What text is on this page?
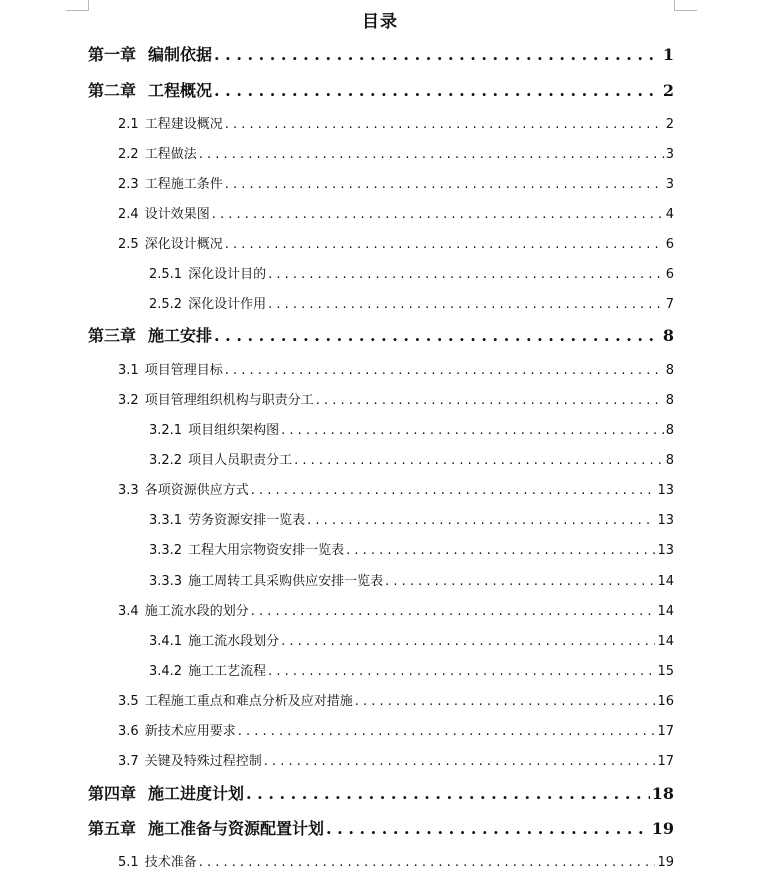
目录
第一章 编制依据 . . .	1
第二章 工程概况 . . .	2
2.1 工程建设概况 . . .	2
2.2 工程做法 . . .	3
2.3 工程施工条件 . . .	3
2.4 设计效果图 . . .	4
2.5 深化设计概况 . . .	6
2.5.1 深化设计目的 . . .	6
2.5.2 深化设计作用 . . .	7
第三章 施工安排 . . .	8
3.1 项目管理目标 . . .	8
3.2 项目管理组织机构与职责分工 . . .	8
3.2.1 项目组织架构图 . . .	8
3.2.2 项目人员职责分工 . . .	8
3.3 各项资源供应方式 . . .	13
3.3.1 劳务资源安排一览表 . . .	13
3.3.2 工程大用宗物资安排一览表 . . .	13
3.3.3 施工周转工具采购供应安排一览表 . . .	14
3.4 施工流水段的划分 . . .	14
3.4.1 施工流水段划分 . . .	14
3.4.2 施工工艺流程 . . .	15
3.5 工程施工重点和难点分析及应对措施 . . .	16
3.6 新技术应用要求 . . .	17
3.7 关键及特殊过程控制 . . .	17
第四章 施工进度计划 . . .	18
第五章 施工准备与资源配置计划 . . .	19
5.1 技术准备 . . .	19
